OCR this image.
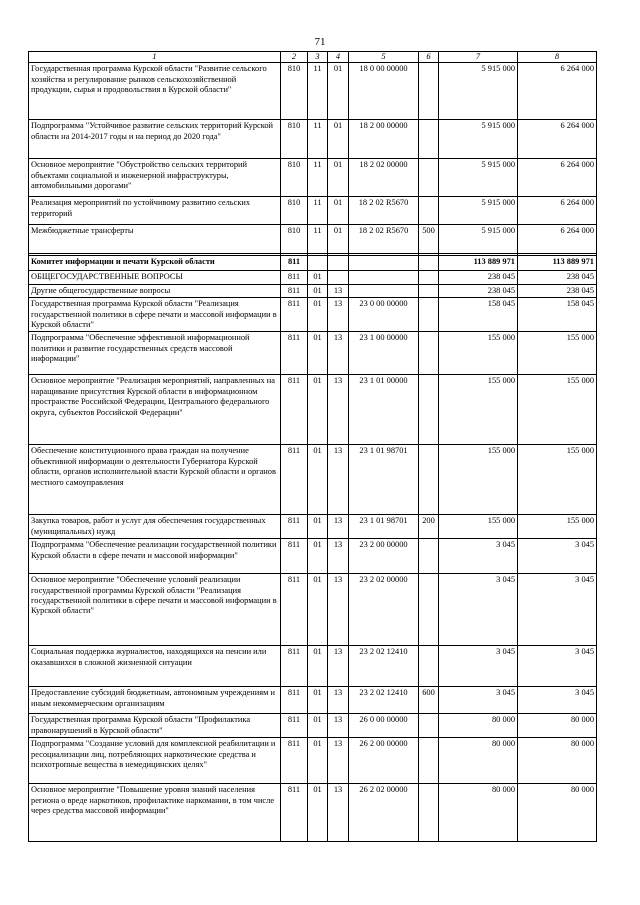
71
1	2	3	4	5	6	7	8
Государственная программа Курской области "Развитие сельского хозяйства и регулирование рынков сельскохозяйственной продукции, сырья и продовольствия в Курской области"	810	11	01	18 0 00 00000		5 915 000	6 264 000
Подпрограмма "Устойчивое развитие сельских территорий Курской области на 2014-2017 годы и на период до 2020 года"	810	11	01	18 2 00 00000		5 915 000	6 264 000
Основное мероприятие "Обустройство сельских территорий объектами социальной и инженерной инфраструктуры, автомобильными дорогами"	810	11	01	18 2 02 00000		5 915 000	6 264 000
Реализация мероприятий по устойчивому развитию сельских территорий	810	11	01	18 2 02 R5670		5 915 000	6 264 000
Межбюджетные трансферты	810	11	01	18 2 02 R5670	500	5 915 000	6 264 000

Комитет информации и печати Курской области	811					113 889 971	113 889 971
ОБЩЕГОСУДАРСТВЕННЫЕ ВОПРОСЫ	811	01				238 045	238 045
Другие общегосударственные вопросы	811	01	13			238 045	238 045
Государственная программа Курской области "Реализация государственной политики в сфере печати и массовой информации в Курской области"	811	01	13	23 0 00 00000		158 045	158 045
Подпрограмма "Обеспечение эффективной информационной политики и развитие государственных средств массовой информации"	811	01	13	23 1 00 00000		155 000	155 000
Основное мероприятие "Реализация мероприятий, направленных на наращивание присутствия Курской области в информационном пространстве Российской Федерации, Центрального федерального округа, субъектов Российской Федерации"	811	01	13	23 1 01 00000		155 000	155 000
Обеспечение конституционного права граждан на получение объективной информации о деятельности Губернатора Курской области, органов исполнительной власти Курской области и органов местного самоуправления	811	01	13	23 1 01 98701		155 000	155 000
Закупка товаров, работ и услуг для обеспечения государственных (муниципальных) нужд	811	01	13	23 1 01 98701	200	155 000	155 000
Подпрограмма "Обеспечение реализации государственной политики Курской области в сфере печати и массовой информации"	811	01	13	23 2 00 00000		3 045	3 045
Основное мероприятие "Обеспечение условий реализации государственной программы Курской области "Реализация государственной политики в сфере печати и массовой информации в Курской области"	811	01	13	23 2 02 00000		3 045	3 045
Социальная поддержка журналистов, находящихся на пенсии или оказавшихся в сложной жизненной ситуации	811	01	13	23 2 02 12410		3 045	3 045
Предоставление субсидий бюджетным, автономным учреждениям и иным некоммерческим организациям	811	01	13	23 2 02 12410	600	3 045	3 045
Государственная программа Курской области "Профилактика правонарушений в Курской области"	811	01	13	26 0 00 00000		80 000	80 000
Подпрограмма "Создание условий для комплексной реабилитации и ресоциализации лиц, потребляющих наркотические средства и психотропные вещества в немедицинских целях"	811	01	13	26 2 00 00000		80 000	80 000
Основное мероприятие "Повышение уровня знаний населения региона о вреде наркотиков, профилактике наркомании, в том числе через средства массовой информации"	811	01	13	26 2 02 00000		80 000	80 000
